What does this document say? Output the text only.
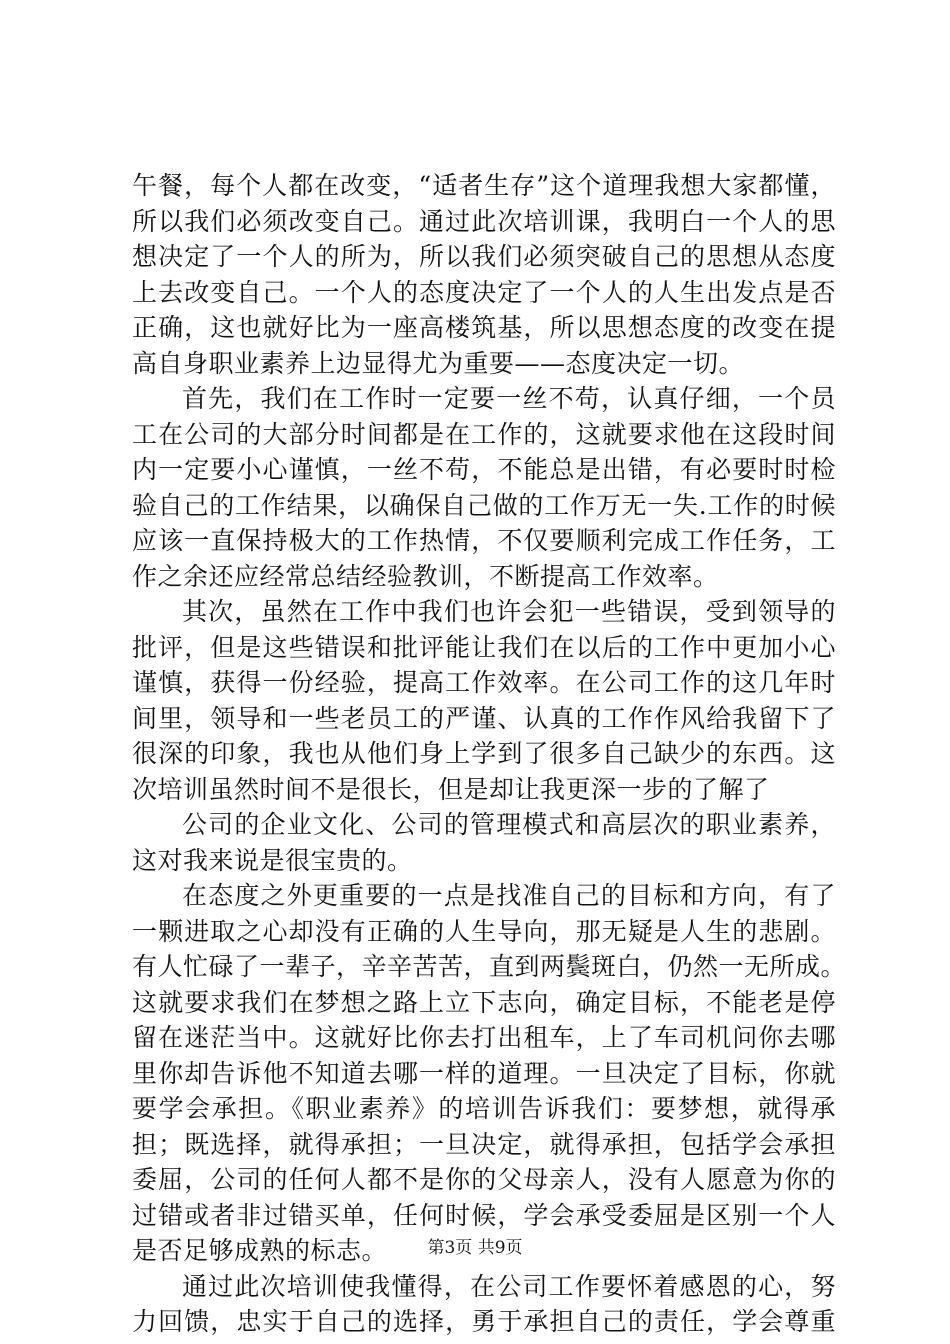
午餐，每个人都在改变，“适者生存”这个道理我想大家都懂，
所以我们必须改变自己。通过此次培训课，我明白一个人的思
想决定了一个人的所为，所以我们必须突破自己的思想从态度
上去改变自己。一个人的态度决定了一个人的人生出发点是否
正确，这也就好比为一座高楼筑基，所以思想态度的改变在提
高自身职业素养上边显得尤为重要——态度决定一切。
首先，我们在工作时一定要一丝不苟，认真仔细，一个员
工在公司的大部分时间都是在工作的，这就要求他在这段时间
内一定要小心谨慎，一丝不苟，不能总是出错，有必要时时检
验自己的工作结果，以确保自己做的工作万无一失.工作的时候
应该一直保持极大的工作热情，不仅要顺利完成工作任务，工
作之余还应经常总结经验教训，不断提高工作效率。
其次，虽然在工作中我们也许会犯一些错误，受到领导的
批评，但是这些错误和批评能让我们在以后的工作中更加小心
谨慎，获得一份经验，提高工作效率。在公司工作的这几年时
间里，领导和一些老员工的严谨、认真的工作作风给我留下了
很深的印象，我也从他们身上学到了很多自己缺少的东西。这
次培训虽然时间不是很长，但是却让我更深一步的了解了
公司的企业文化、公司的管理模式和高层次的职业素养，
这对我来说是很宝贵的。
在态度之外更重要的一点是找准自己的目标和方向，有了
一颗进取之心却没有正确的人生导向，那无疑是人生的悲剧。
有人忙碌了一辈子，辛辛苦苦，直到两鬓斑白，仍然一无所成。
这就要求我们在梦想之路上立下志向，确定目标，不能老是停
留在迷茫当中。这就好比你去打出租车，上了车司机问你去哪
里你却告诉他不知道去哪一样的道理。一旦决定了目标，你就
要学会承担。《职业素养》的培训告诉我们：要梦想，就得承
担；既选择，就得承担；一旦决定，就得承担，包括学会承担
委屈，公司的任何人都不是你的父母亲人，没有人愿意为你的
过错或者非过错买单，任何时候，学会承受委屈是区别一个人
是否足够成熟的标志。
通过此次培训使我懂得，在公司工作要怀着感恩的心，努
力回馈，忠实于自己的选择，勇于承担自己的责任，学会尊重
第3页 共9页
